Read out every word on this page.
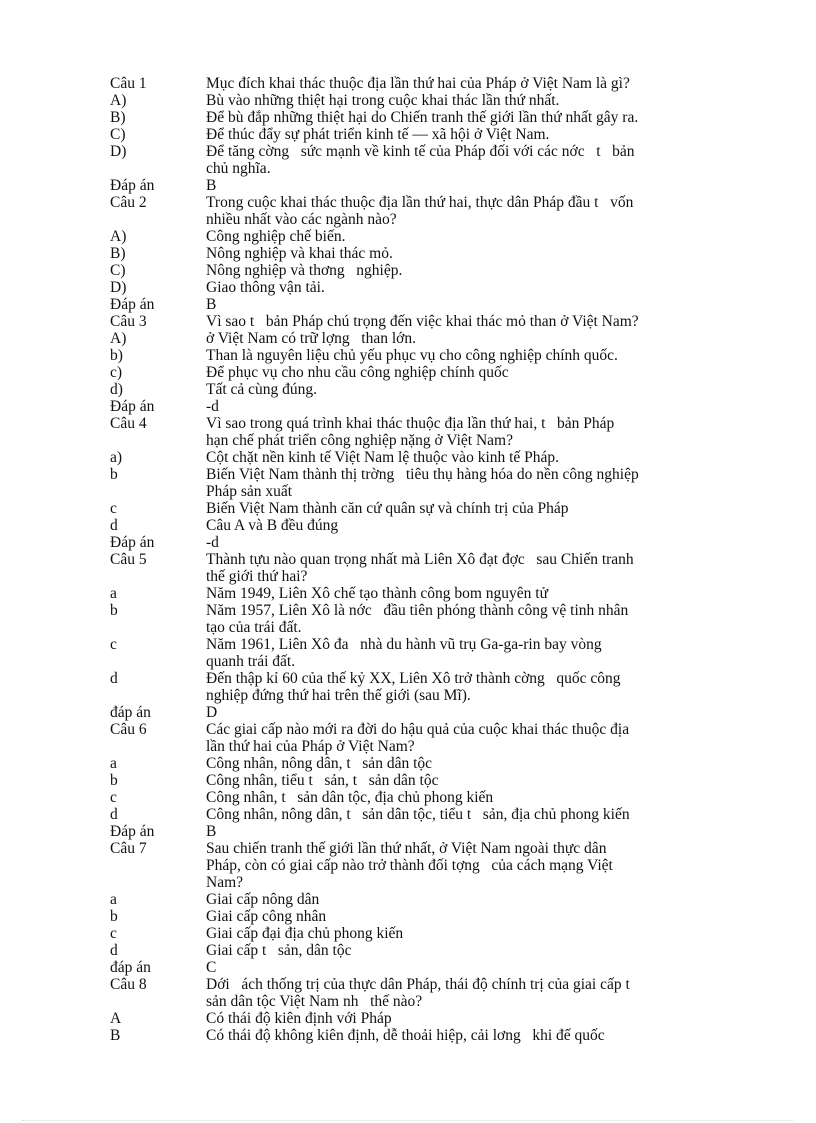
Câu 1	Mục đích khai thác thuộc địa lần thứ hai của Pháp ở Việt Nam là gì?
A)	Bù vào những thiệt hại trong cuộc khai thác lần thứ nhất.
B)	Để bù đắp những thiệt hại do Chiến tranh thế giới lần thứ nhất gây ra.
C)	Để thúc đẩy sự phát triển kinh tế — xã hội ở Việt Nam.
D)	Để tăng cờng   sức mạnh về kinh tế của Pháp đối với các nớc   t   bản
chủ nghĩa.
Đáp án	B
Câu 2	Trong cuộc khai thác thuộc địa lần thứ hai, thực dân Pháp đầu t   vốn
nhiều nhất vào các ngành nào?
A)	Công nghiệp chế biến.
B)	Nông nghiệp và khai thác mỏ.
C)	Nông nghiệp và thơng   nghiệp.
D)	Giao thông vận tải.
Đáp án	B
Câu 3	Vì sao t   bản Pháp chú trọng đến việc khai thác mỏ than ở Việt Nam?
A)	ở Việt Nam có trữ lợng   than lớn.
b)	Than là nguyên liệu chủ yếu phục vụ cho công nghiệp chính quốc.
c)	Để phục vụ cho nhu cầu công nghiệp chính quốc
d)	Tất cả cùng đúng.
Đáp án	-d
Câu 4	Vì sao trong quá trình khai thác thuộc địa lần thứ hai, t   bản Pháp
hạn chế phát triển công nghiệp nặng ở Việt Nam?
a)	Cột chặt nền kinh tế Việt Nam lệ thuộc vào kinh tế Pháp.
b	Biến Việt Nam thành thị trờng   tiêu thụ hàng hóa do nền công nghiệp
Pháp sản xuất
c	Biến Việt Nam thành căn cứ quân sự và chính trị của Pháp
d	Câu A và B đều đúng
Đáp án	-d
Câu 5	Thành tựu nào quan trọng nhất mà Liên Xô đạt đợc   sau Chiến tranh
thế giới thứ hai?
a	Năm 1949, Liên Xô chế tạo thành công bom nguyên tử
b	Năm 1957, Liên Xô là nớc   đầu tiên phóng thành công vệ tinh nhân
tạo của trái đất.
c	Năm 1961, Liên Xô đa   nhà du hành vũ trụ Ga-ga-rin bay vòng
quanh trái đất.
d	Đến thập kỉ 60 của thế kỷ XX, Liên Xô trở thành cờng   quốc công
nghiệp đứng thứ hai trên thế giới (sau Mĩ).
đáp án	D
Câu 6	Các giai cấp nào mới ra đời do hậu quả của cuộc khai thác thuộc địa
lần thứ hai của Pháp ở Việt Nam?
a	Công nhân, nông dân, t   sản dân tộc
b	Công nhân, tiểu t   sản, t   sản dân tộc
c	Công nhân, t   sản dân tộc, địa chủ phong kiến
d	Công nhân, nông dân, t   sản dân tộc, tiểu t   sản, địa chủ phong kiến
Đáp án	B
Câu 7	Sau chiến tranh thế giới lần thứ nhất, ở Việt Nam ngoài thực dân
Pháp, còn có giai cấp nào trở thành đối tợng   của cách mạng Việt
Nam?
a	Giai cấp nông dân
b	Giai cấp công nhân
c	Giai cấp đại địa chủ phong kiến
d	Giai cấp t   sản, dân tộc
đáp án	C
Câu 8	Dới   ách thống trị của thực dân Pháp, thái độ chính trị của giai cấp t
sản dân tộc Việt Nam nh   thế nào?
A	Có thái độ kiên định với Pháp
B	Có thái độ không kiên định, dễ thoải hiệp, cải lơng   khi đế quốc
